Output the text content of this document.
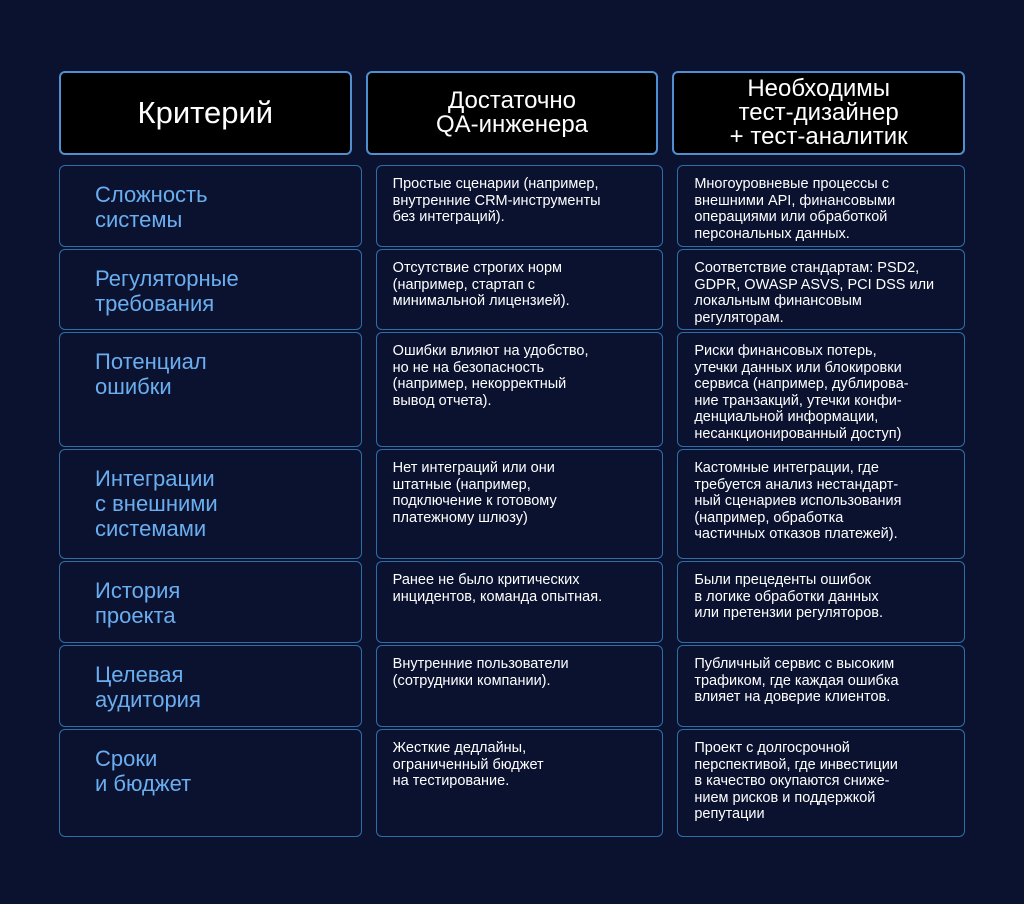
Критерий	Достаточно
QA-инженера
Необходимы
тест-дизайнер
+ тест-аналитик
Сложность
системы
Простые сценарии (например,
внутренние CRM-инструменты
без интеграций).
Многоуровневые процессы с
внешними API, финансовыми
операциями или обработкой
персональных данных.
Регуляторные
требования
Отсутствие строгих норм
(например, стартап с
минимальной лицензией).
Соответствие стандартам: PSD2,
GDPR, OWASP ASVS, PCI DSS или
локальным финансовым
регуляторам.
Потенциал
ошибки
Ошибки влияют на удобство,
но не на безопасность
(например, некорректный
вывод отчета).
Риски финансовых потерь,
утечки данных или блокировки
сервиса (например, дублирова-
ние транзакций, утечки конфи-
денциальной информации,
несанкционированный доступ)
Интеграции
с внешними
системами
Нет интеграций или они
штатные (например,
подключение к готовому
платежному шлюзу)
Кастомные интеграции, где
требуется анализ нестандарт-
ный сценариев использования
(например, обработка
частичных отказов платежей).
История
проекта
Ранее не было критических
инцидентов, команда опытная.
Были прецеденты ошибок
в логике обработки данных
или претензии регуляторов.
Целевая
аудитория
Внутренние пользователи
(сотрудники компании).
Публичный сервис с высоким
трафиком, где каждая ошибка
влияет на доверие клиентов.
Сроки
и бюджет
Жесткие дедлайны,
ограниченный бюджет
на тестирование.
Проект с долгосрочной
перспективой, где инвестиции
в качество окупаются сниже-
нием рисков и поддержкой
репутации
